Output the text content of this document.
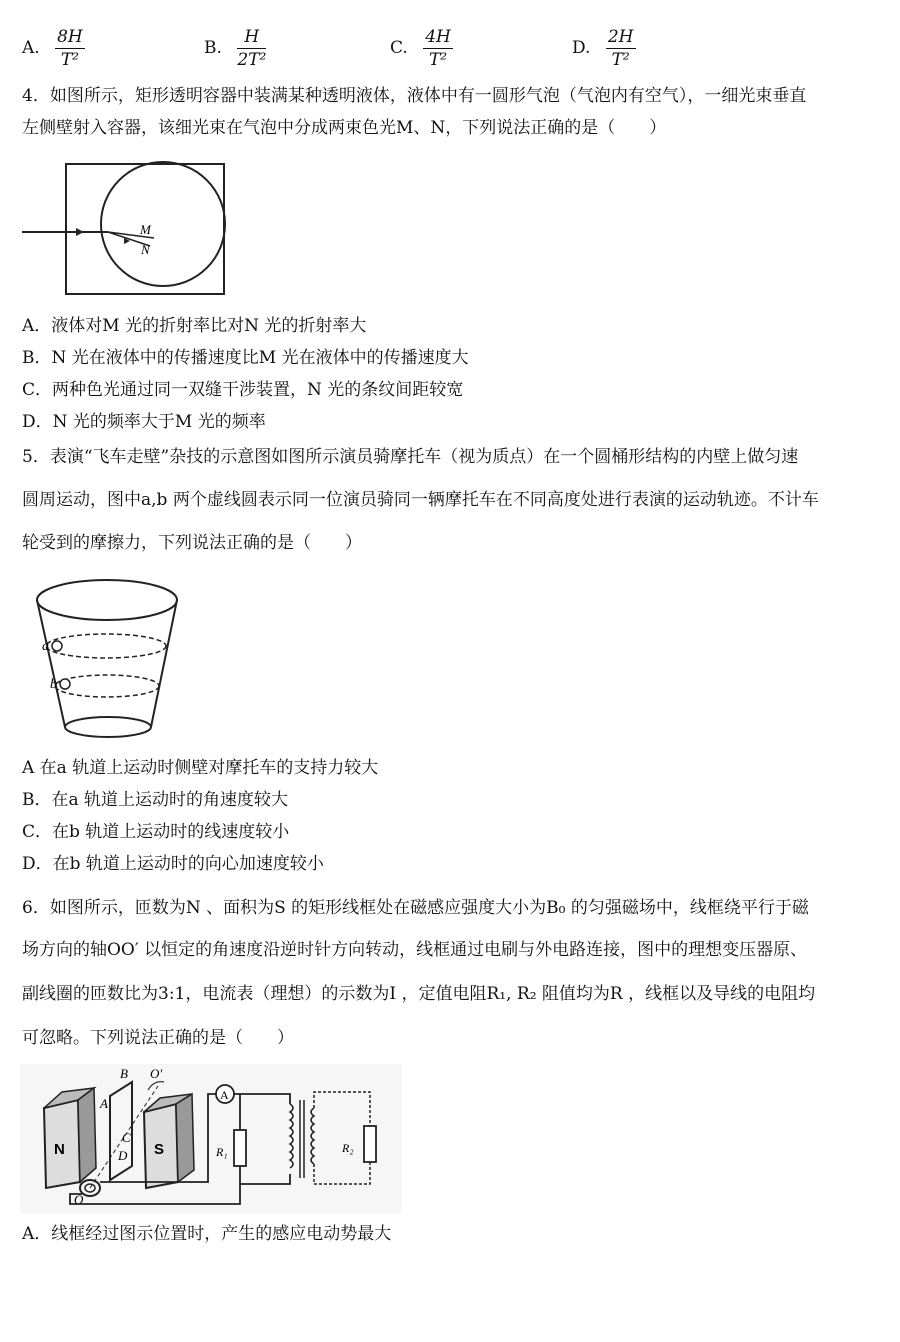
A. $\frac{8H}{\text{T²}}$	B. $\frac{H}{\text{2T²}}$	C. $\frac{4H}{\text{T²}}$	D. $\frac{2H}{\text{T²}}$
4．如图所示，矩形透明容器中装满某种透明液体，液体中有一圆形气泡（气泡内有空气），一细光束垂直
左侧壁射入容器，该细光束在气泡中分成两束色光M、N，下列说法正确的是（　　）
M
N
A．液体对M 光的折射率比对N 光的折射率大
B．N 光在液体中的传播速度比M 光在液体中的传播速度大
C．两种色光通过同一双缝干涉装置，N 光的条纹间距较宽
D．N 光的频率大于M 光的频率
5．表演“飞车走壁”杂技的示意图如图所示演员骑摩托车（视为质点）在一个圆桶形结构的内壁上做匀速
圆周运动，图中a,b 两个虚线圆表示同一位演员骑同一辆摩托车在不同高度处进行表演的运动轨迹。不计车
轮受到的摩擦力，下列说法正确的是（　　）
a
b
A 在a 轨道上运动时侧壁对摩托车的支持力较大
B．在a 轨道上运动时的角速度较大
C．在b 轨道上运动时的线速度较小
D．在b 轨道上运动时的向心加速度较小
6．如图所示，匝数为N 、面积为S 的矩形线框处在磁感应强度大小为B₀ 的匀强磁场中，线框绕平行于磁
场方向的轴OO′ 以恒定的角速度沿逆时针方向转动，线框通过电刷与外电路连接，图中的理想变压器原、
副线圈的匝数比为3:1，电流表（理想）的示数为I ，定值电阻R₁, R₂ 阻值均为R ，线框以及导线的电阻均
可忽略。下列说法正确的是（　　）
N	S
A
B
C
D
O′
O
A
R₁	R₂
A．线框经过图示位置时，产生的感应电动势最大
